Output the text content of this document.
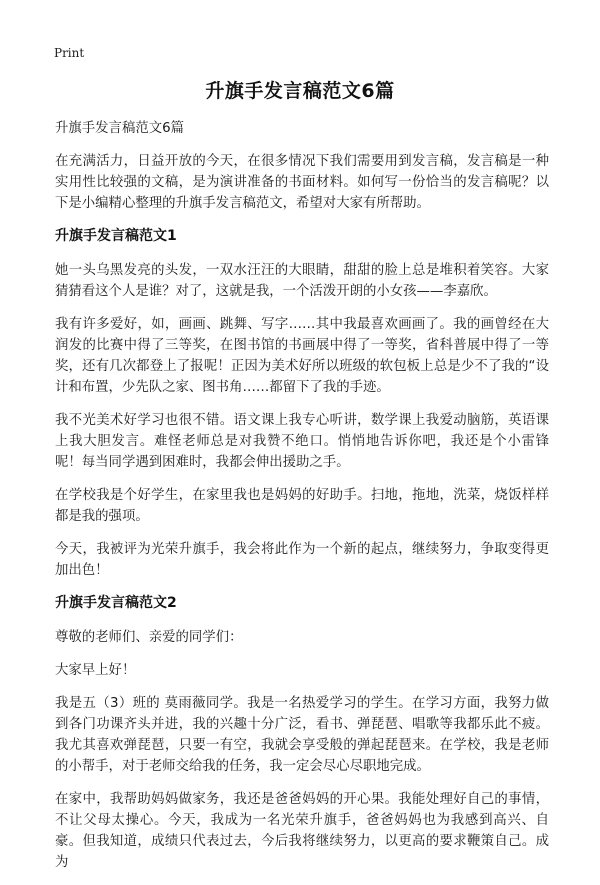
Print
升旗手发言稿范文6篇

升旗手发言稿范文6篇

在充满活力，日益开放的今天，在很多情况下我们需要用到发言稿，发言稿是一种实用性比较强的文稿，是为演讲准备的书面材料。如何写一份恰当的发言稿呢？以下是小编精心整理的升旗手发言稿范文，希望对大家有所帮助。

升旗手发言稿范文1

她一头乌黑发亮的头发，一双水汪汪的大眼睛，甜甜的脸上总是堆积着笑容。大家猜猜看这个人是谁？对了，这就是我，一个活泼开朗的小女孩——李嘉欣。

我有许多爱好，如，画画、跳舞、写字……其中我最喜欢画画了。我的画曾经在大润发的比赛中得了三等奖，在图书馆的书画展中得了一等奖，省科普展中得了一等奖，还有几次都登上了报呢！正因为美术好所以班级的软包板上总是少不了我的“设计和布置，少先队之家、图书角……都留下了我的手迹。

我不光美术好学习也很不错。语文课上我专心听讲，数学课上我爱动脑筋，英语课上我大胆发言。难怪老师总是对我赞不绝口。悄悄地告诉你吧，我还是个小雷锋呢！每当同学遇到困难时，我都会伸出援助之手。

在学校我是个好学生，在家里我也是妈妈的好助手。扫地，拖地，洗菜，烧饭样样都是我的强项。

今天，我被评为光荣升旗手，我会将此作为一个新的起点，继续努力，争取变得更加出色！

升旗手发言稿范文2

尊敬的老师们、亲爱的同学们：

大家早上好！

我是五（3）班的 莫雨薇同学。我是一名热爱学习的学生。在学习方面，我努力做到各门功课齐头并进，我的兴趣十分广泛，看书、弹琵琶、唱歌等我都乐此不疲。我尤其喜欢弹琵琶，只要一有空，我就会享受般的弹起琵琶来。在学校，我是老师的小帮手，对于老师交给我的任务，我一定会尽心尽职地完成。

在家中，我帮助妈妈做家务，我还是爸爸妈妈的开心果。我能处理好自己的事情，不让父母太操心。今天，我成为一名光荣升旗手，爸爸妈妈也为我感到高兴、自豪。但我知道，成绩只代表过去，今后我将继续努力，以更高的要求鞭策自己。成为
